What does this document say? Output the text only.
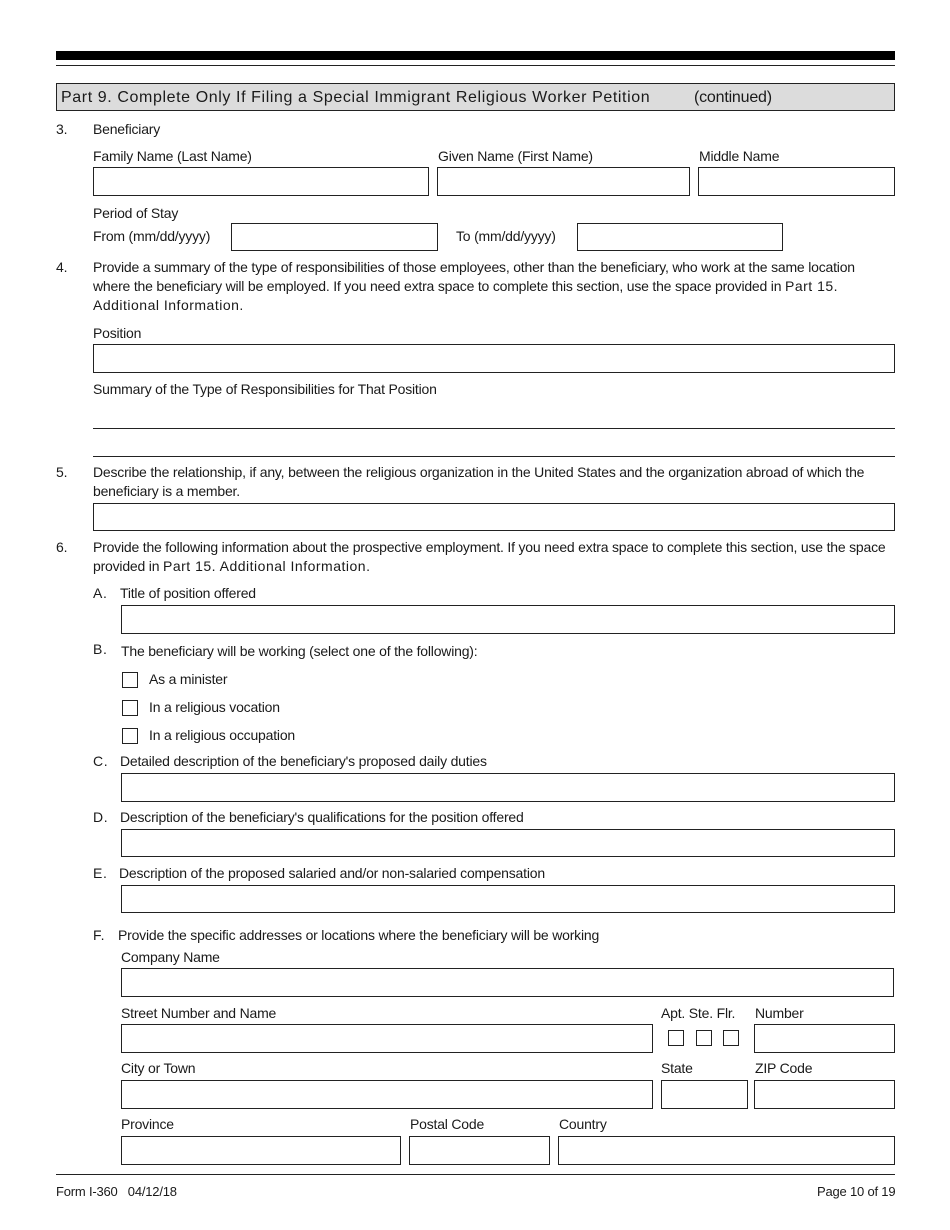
Part 9. Complete Only If Filing a Special Immigrant Religious Worker Petition	(continued)
3. Beneficiary
Family Name (Last Name)	Given Name (First Name)	Middle Name
Period of Stay
From (mm/dd/yyyy)	To (mm/dd/yyyy)
4. Provide a summary of the type of responsibilities of those employees, other than the beneficiary, who work at the same location where the beneficiary will be employed. If you need extra space to complete this section, use the space provided in Part 15. Additional Information.
Position
Summary of the Type of Responsibilities for That Position
5. Describe the relationship, if any, between the religious organization in the United States and the organization abroad of which the beneficiary is a member.
6. Provide the following information about the prospective employment. If you need extra space to complete this section, use the space provided in Part 15. Additional Information.
A. Title of position offered
B. The beneficiary will be working (select one of the following):
As a minister
In a religious vocation
In a religious occupation
C. Detailed description of the beneficiary's proposed daily duties
D. Description of the beneficiary's qualifications for the position offered
E. Description of the proposed salaried and/or non-salaried compensation
F. Provide the specific addresses or locations where the beneficiary will be working
Company Name
Street Number and Name	Apt. Ste. Flr. Number
City or Town	State	ZIP Code
Province	Postal Code	Country
Form I-360   04/12/18	Page 10 of 19
